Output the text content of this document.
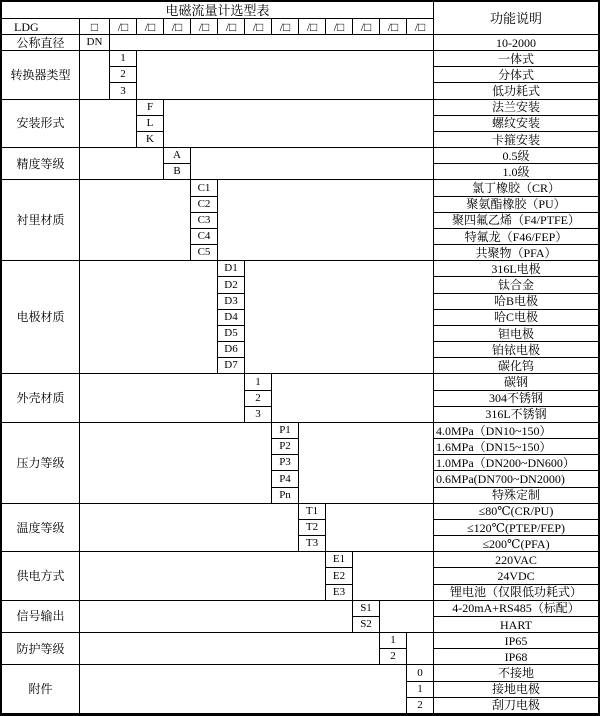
电磁流量计选型表
功能说明
LDG	□	/□	/□	/□	/□	/□	/□	/□	/□	/□	/□	/□	/□
公称直径	DN	10-2000
转换器类型
1	一体式
2	分体式
3	低功耗式
安装形式
F	法兰安装
L	螺纹安装
K	卡箍安装
精度等级
A	0.5级
B	1.0级
衬里材质
C1	氯丁橡胶（CR）
C2	聚氨酯橡胶（PU）
C3	聚四氟乙烯（F4/PTFE）
C4	特氟龙（F46/FEP）
C5	共聚物（PFA）
电极材质
D1	316L电极
D2	钛合金
D3	哈B电极
D4	哈C电极
D5	钽电极
D6	铂铱电极
D7	碳化钨
外壳材质
1	碳钢
2	304不锈钢
3	316L不锈钢
压力等级
P1	4.0MPa（DN10~150）
P2	1.6MPa（DN15~150）
P3	1.0MPa（DN200~DN600）
P4	0.6MPa(DN700~DN2000)
Pn	特殊定制
温度等级
T1	≤80℃(CR/PU)
T2	≤120℃(PTEP/FEP)
T3	≤200℃(PFA)
供电方式
E1	220VAC
E2	24VDC
E3	锂电池（仅限低功耗式）
信号输出
S1	4-20mA+RS485（标配）
S2	HART
防护等级
1	IP65
2	IP68
附件
0	不接地
1	接地电极
2	刮刀电极
